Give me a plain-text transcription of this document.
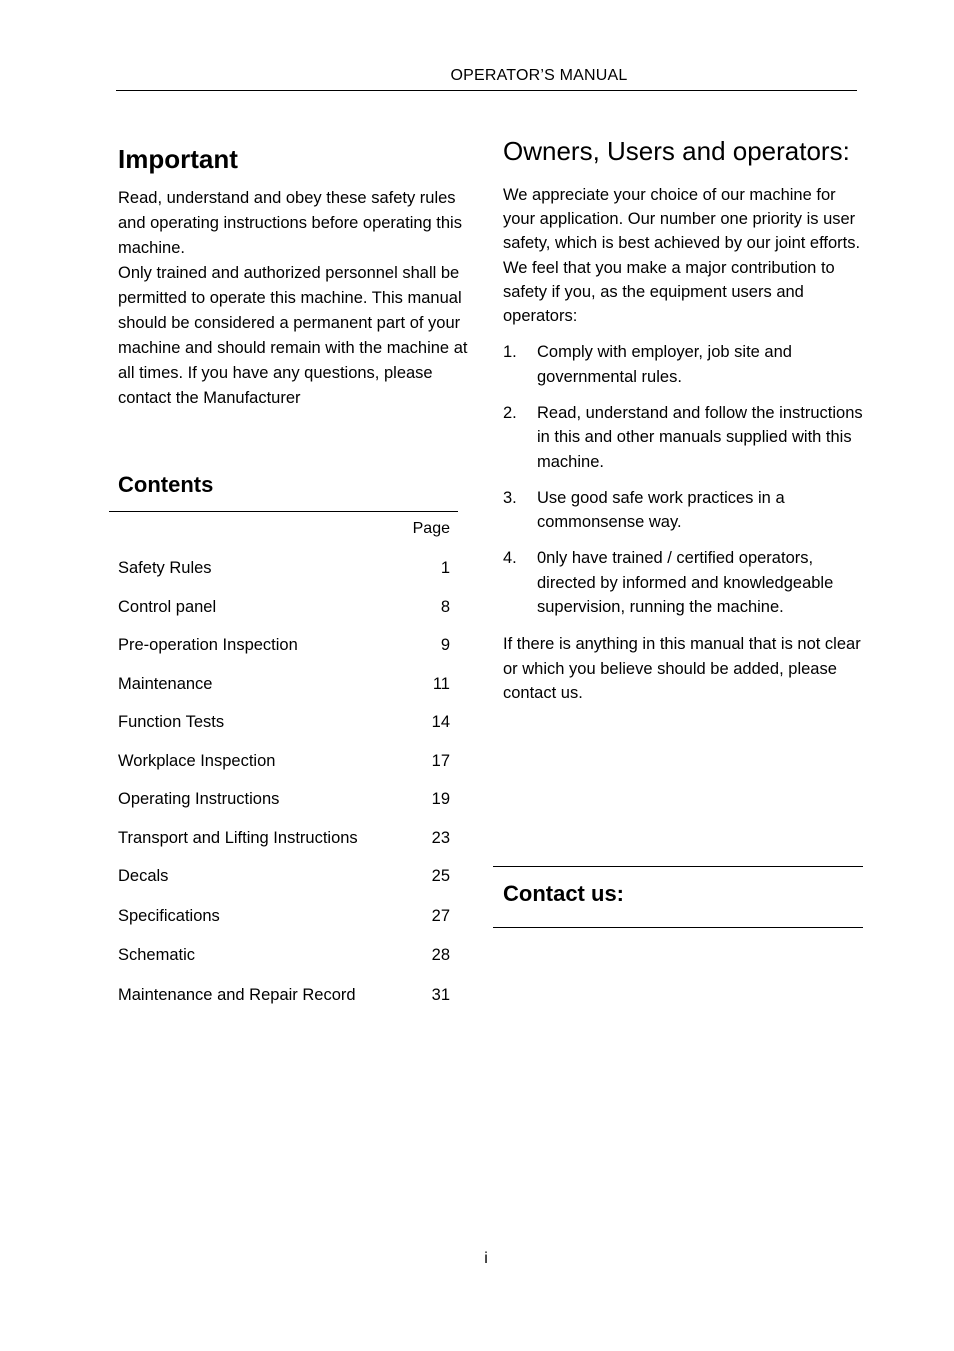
OPERATOR’S MANUAL
Important

Read, understand and obey these safety rules and operating instructions before operating this machine.

Only trained and authorized personnel shall be permitted to operate this machine. This manual should be considered a permanent part of your machine and should remain with the machine at all times. If you have any questions, please contact the Manufacturer

Contents
Page
Safety Rules	1
Control panel	8
Pre-operation Inspection	9
Maintenance	11
Function Tests	14
Workplace Inspection	17
Operating Instructions	19
Transport and Lifting Instructions	23
Decals	25
Specifications	27
Schematic	28
Maintenance and Repair Record	31
Owners, Users and operators:

We appreciate your choice of our machine for your application. Our number one priority is user safety, which is best achieved by our joint efforts. We feel that you make a major contribution to safety if you, as the equipment users and operators:

1. Comply with employer, job site and governmental rules.
2. Read, understand and follow the instructions in this and other manuals supplied with this machine.
3. Use good safe work practices in a commonsense way.
4. 0nly have trained / certified operators, directed by informed and knowledgeable supervision, running the machine.

If there is anything in this manual that is not clear or which you believe should be added, please contact us.

Contact us:
i
